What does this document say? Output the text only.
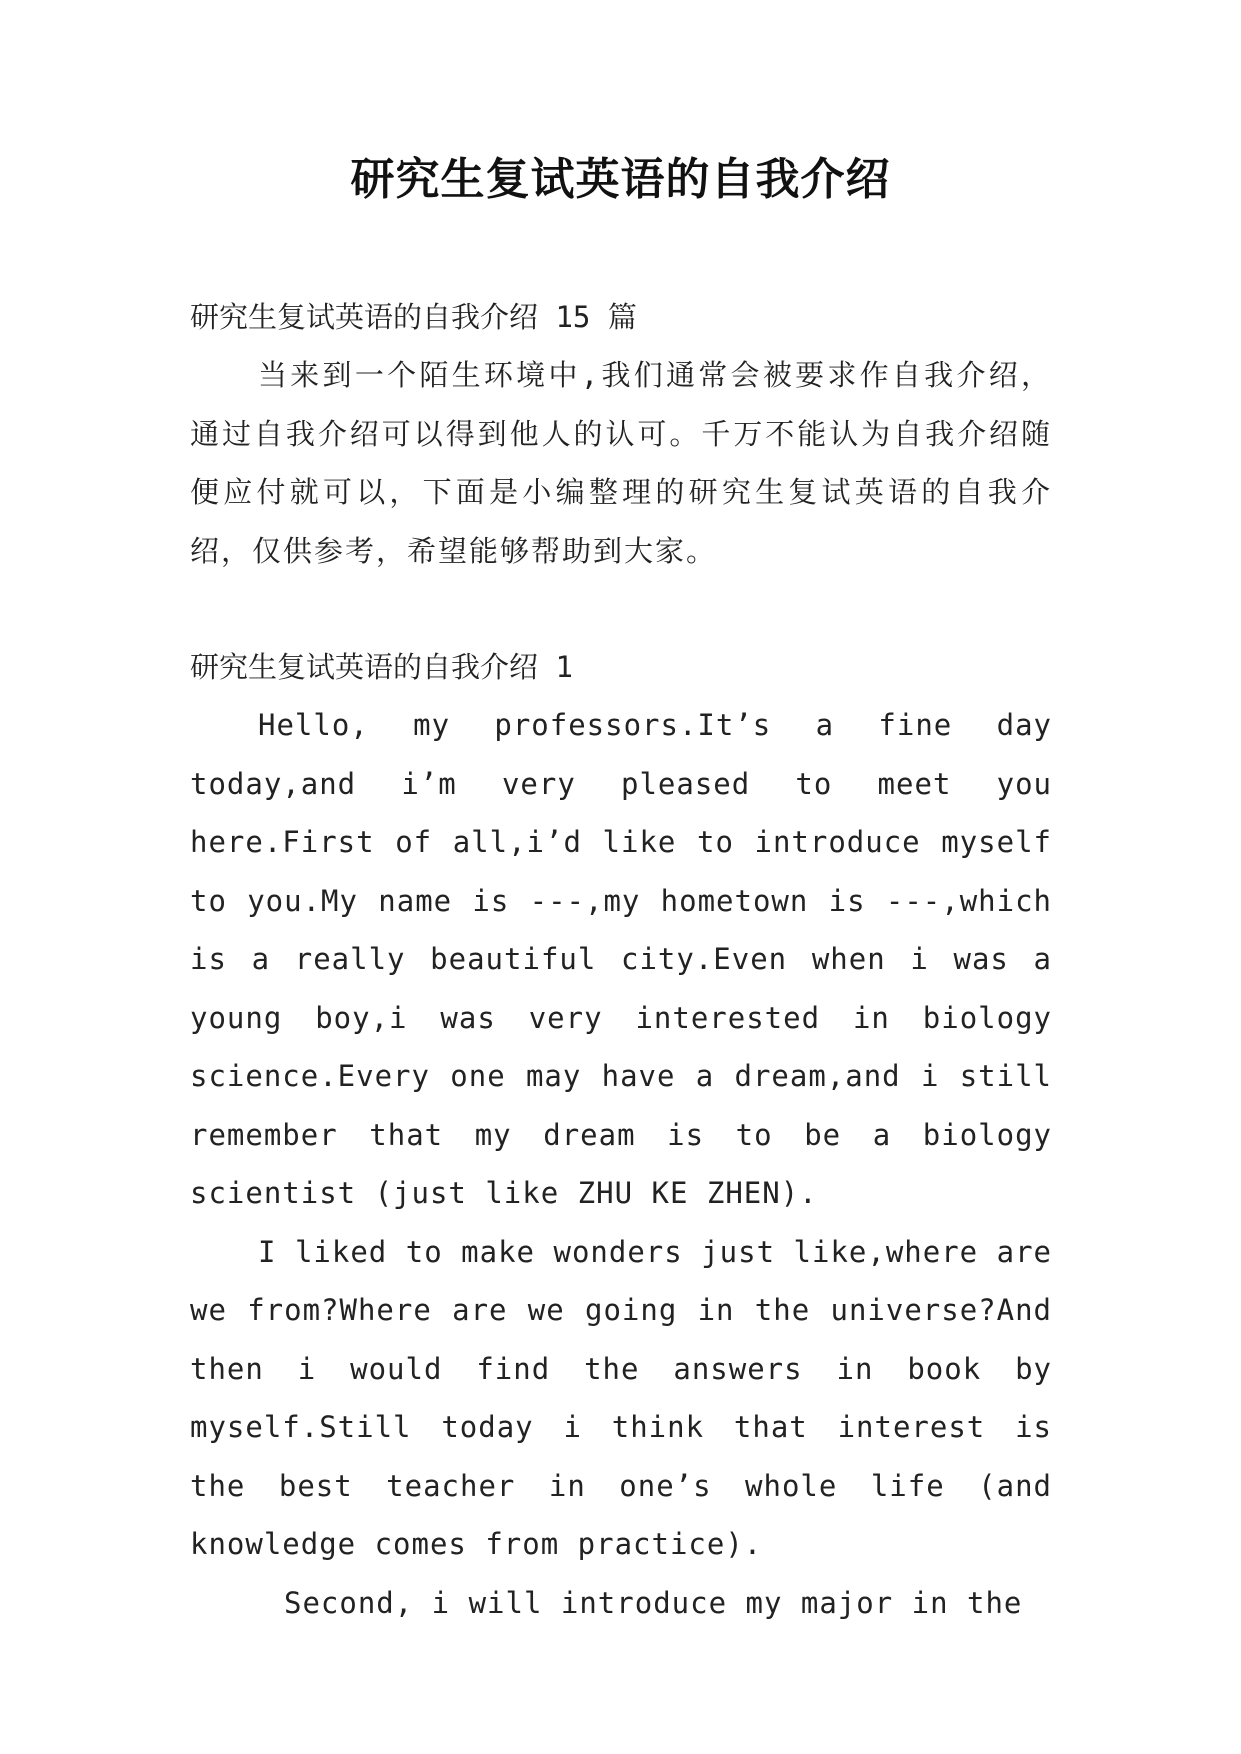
研究生复试英语的自我介绍
研究生复试英语的自我介绍 15 篇
当来到一个陌生环境中,我们通常会被要求作自我介绍，通过自我介绍可以得到他人的认可。千万不能认为自我介绍随便应付就可以，下面是小编整理的研究生复试英语的自我介绍，仅供参考，希望能够帮助到大家。
研究生复试英语的自我介绍 1

Hello, my professors.It’s a fine day today,and i’m very pleased to meet you here.First of all,i’d like to introduce myself to you.My name is ---,my hometown is ---,which is a really beautiful city.Even when i was a young boy,i was very interested in biology science.Every one may have a dream,and i still remember that my dream is to be a biology scientist (just like ZHU KE ZHEN).

I liked to make wonders just like,where are we from?Where are we going in the universe?And then i would find the answers in book by myself.Still today i think that interest is the best teacher in one’s whole life (and knowledge comes from practice).

Second, i will introduce my major in the
